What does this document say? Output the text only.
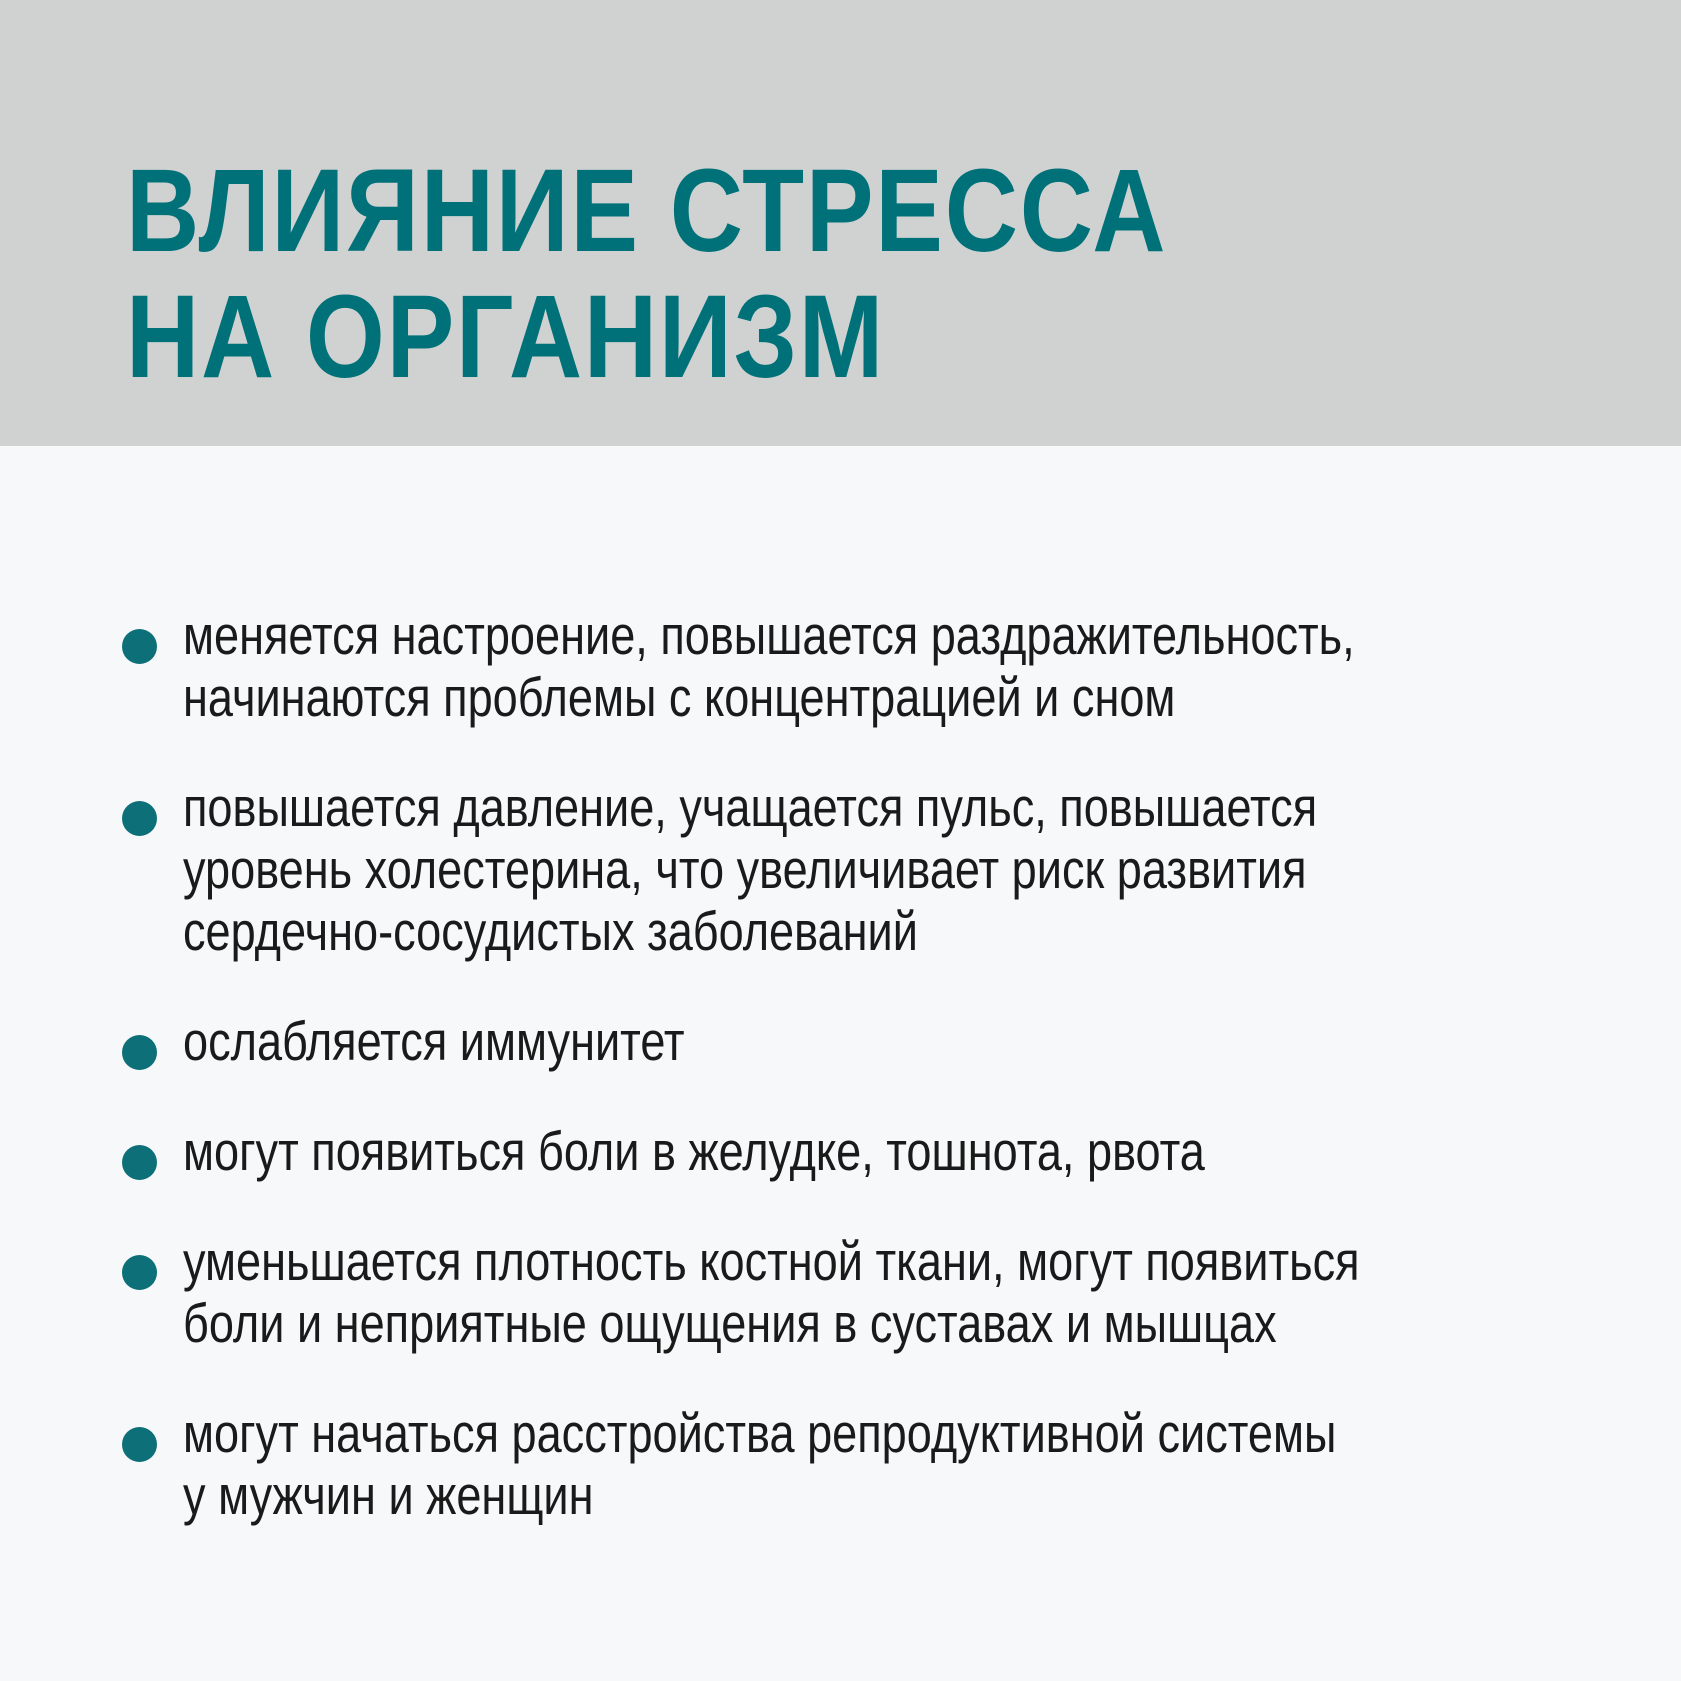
ВЛИЯНИЕ СТРЕССА
НА ОРГАНИЗМ
меняется настроение, повышается раздражительность,
начинаются проблемы с концентрацией и сном
повышается давление, учащается пульс, повышается
уровень холестерина, что увеличивает риск развития
сердечно-сосудистых заболеваний
ослабляется иммунитет
могут появиться боли в желудке, тошнота, рвота
уменьшается плотность костной ткани, могут появиться
боли и неприятные ощущения в суставах и мышцах
могут начаться расстройства репродуктивной системы
у мужчин и женщин
